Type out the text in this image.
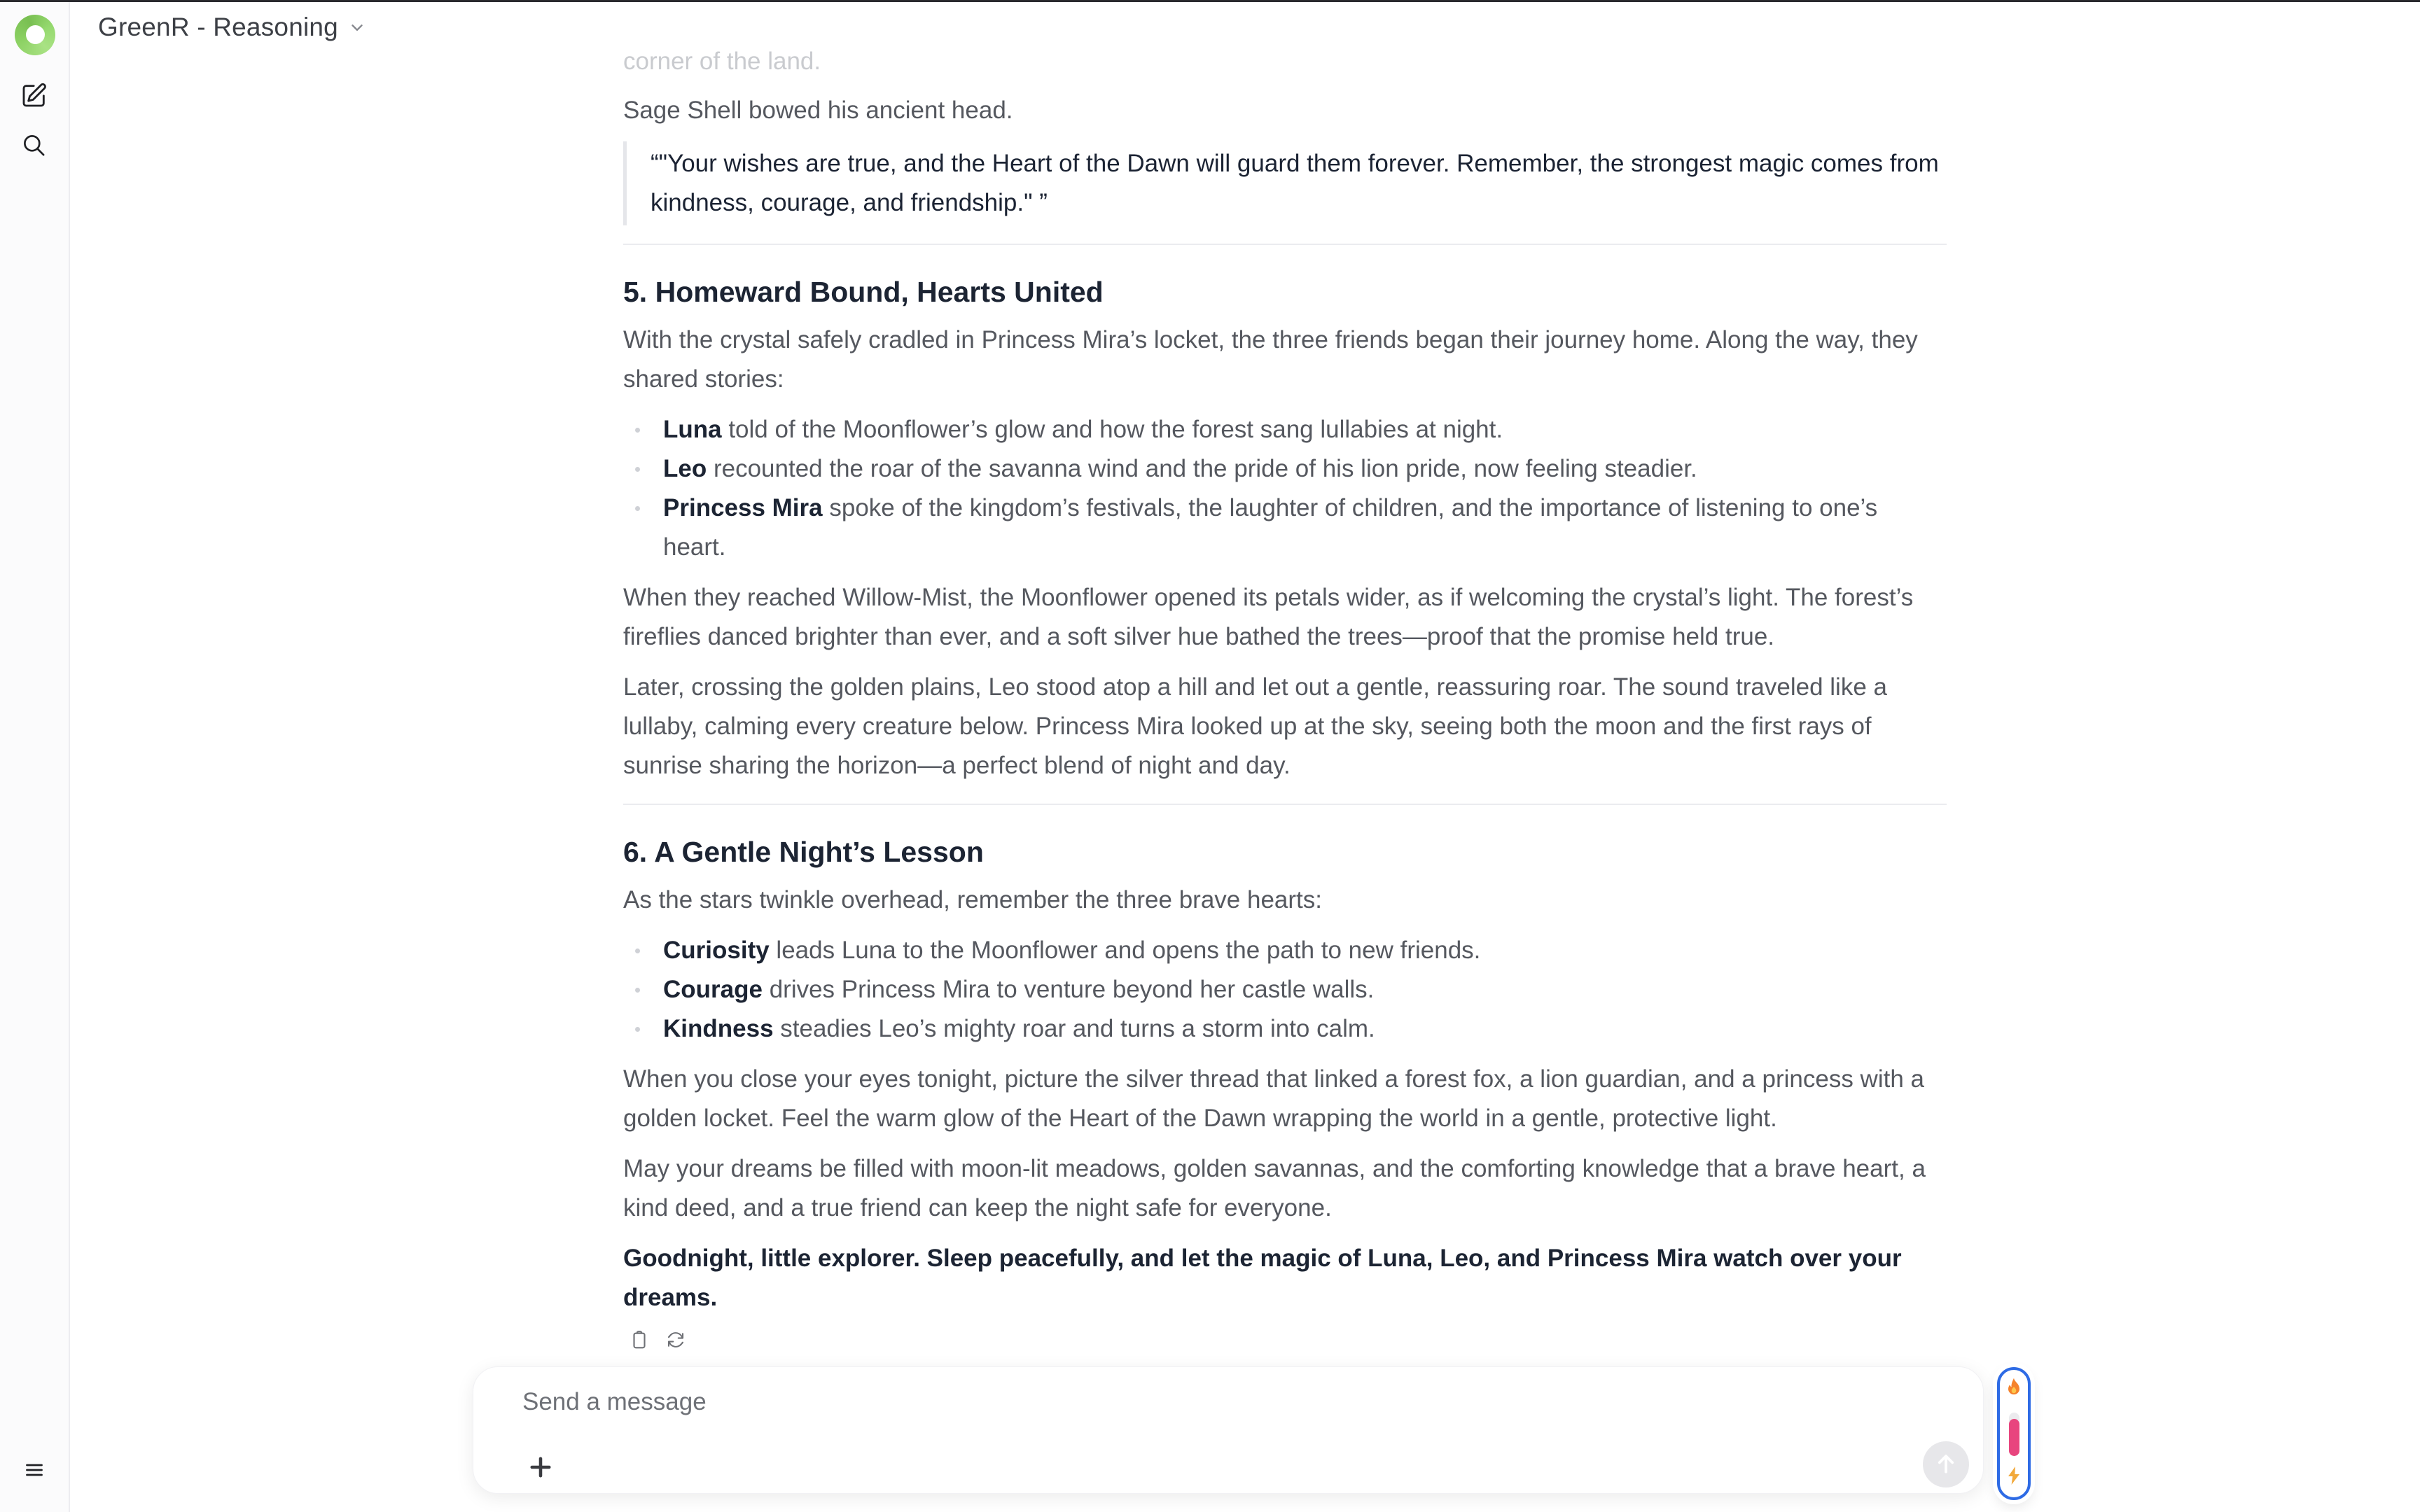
GreenR - Reasoning

corner of the land.

Sage Shell bowed his ancient head.

“"Your wishes are true, and the Heart of the Dawn will guard them forever. Remember, the strongest magic comes from kindness, courage, and friendship." ”

5. Homeward Bound, Hearts United

With the crystal safely cradled in Princess Mira’s locket, the three friends began their journey home. Along the way, they shared stories:

Luna told of the Moonflower’s glow and how the forest sang lullabies at night.
Leo recounted the roar of the savanna wind and the pride of his lion pride, now feeling steadier.
Princess Mira spoke of the kingdom’s festivals, the laughter of children, and the importance of listening to one’s heart.

When they reached Willow-Mist, the Moonflower opened its petals wider, as if welcoming the crystal’s light. The forest’s fireflies danced brighter than ever, and a soft silver hue bathed the trees—proof that the promise held true.

Later, crossing the golden plains, Leo stood atop a hill and let out a gentle, reassuring roar. The sound traveled like a lullaby, calming every creature below. Princess Mira looked up at the sky, seeing both the moon and the first rays of sunrise sharing the horizon—a perfect blend of night and day.

6. A Gentle Night’s Lesson

As the stars twinkle overhead, remember the three brave hearts:

Curiosity leads Luna to the Moonflower and opens the path to new friends.
Courage drives Princess Mira to venture beyond her castle walls.
Kindness steadies Leo’s mighty roar and turns a storm into calm.

When you close your eyes tonight, picture the silver thread that linked a forest fox, a lion guardian, and a princess with a golden locket. Feel the warm glow of the Heart of the Dawn wrapping the world in a gentle, protective light.

May your dreams be filled with moon-lit meadows, golden savannas, and the comforting knowledge that a brave heart, a kind deed, and a true friend can keep the night safe for everyone.

Goodnight, little explorer. Sleep peacefully, and let the magic of Luna, Leo, and Princess Mira watch over your dreams.

Send a message
